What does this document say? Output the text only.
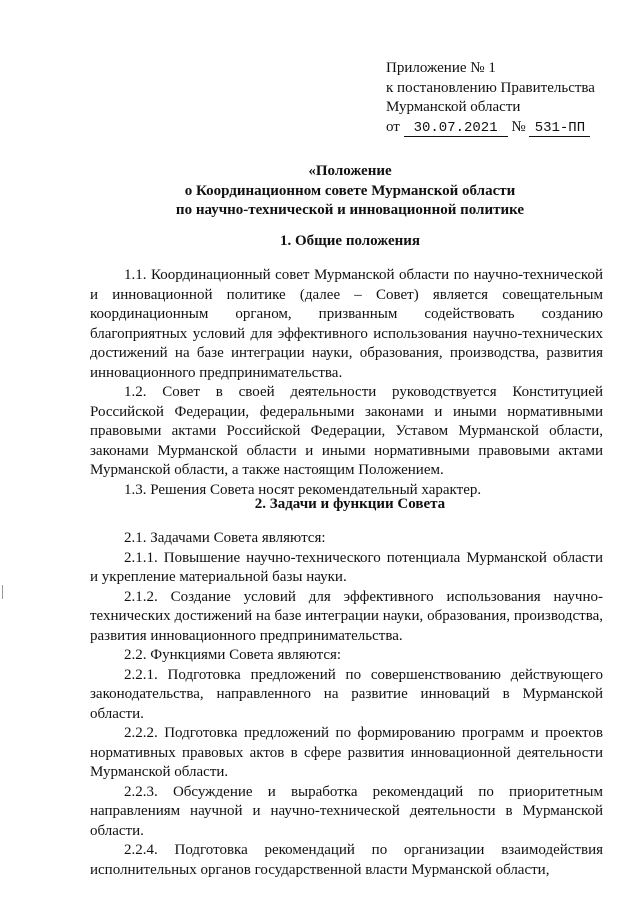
Приложение № 1
к постановлению Правительства
Мурманской области
от 30.07.2021 № 531-ПП
«Положение
о Координационном совете Мурманской области
по научно-технической и инновационной политике
1. Общие положения

1.1. Координационный совет Мурманской области по научно-технической и инновационной политике (далее – Совет) является совещательным координационным органом, призванным содействовать созданию благоприятных условий для эффективного использования научно-технических достижений на базе интеграции науки, образования, производства, развития инновационного предпринимательства.

1.2. Совет в своей деятельности руководствуется Конституцией Российской Федерации, федеральными законами и иными нормативными правовыми актами Российской Федерации, Уставом Мурманской области, законами Мурманской области и иными нормативными правовыми актами Мурманской области, а также настоящим Положением.

1.3. Решения Совета носят рекомендательный характер.

2. Задачи и функции Совета

2.1. Задачами Совета являются:

2.1.1. Повышение научно-технического потенциала Мурманской области и укрепление материальной базы науки.

2.1.2. Создание условий для эффективного использования научно-технических достижений на базе интеграции науки, образования, производства, развития инновационного предпринимательства.

2.2. Функциями Совета являются:

2.2.1. Подготовка предложений по совершенствованию действующего законодательства, направленного на развитие инноваций в Мурманской области.

2.2.2. Подготовка предложений по формированию программ и проектов нормативных правовых актов в сфере развития инновационной деятельности Мурманской области.

2.2.3. Обсуждение и выработка рекомендаций по приоритетным направлениям научной и научно-технической деятельности в Мурманской области.

2.2.4. Подготовка рекомендаций по организации взаимодействия исполнительных органов государственной власти Мурманской области,
